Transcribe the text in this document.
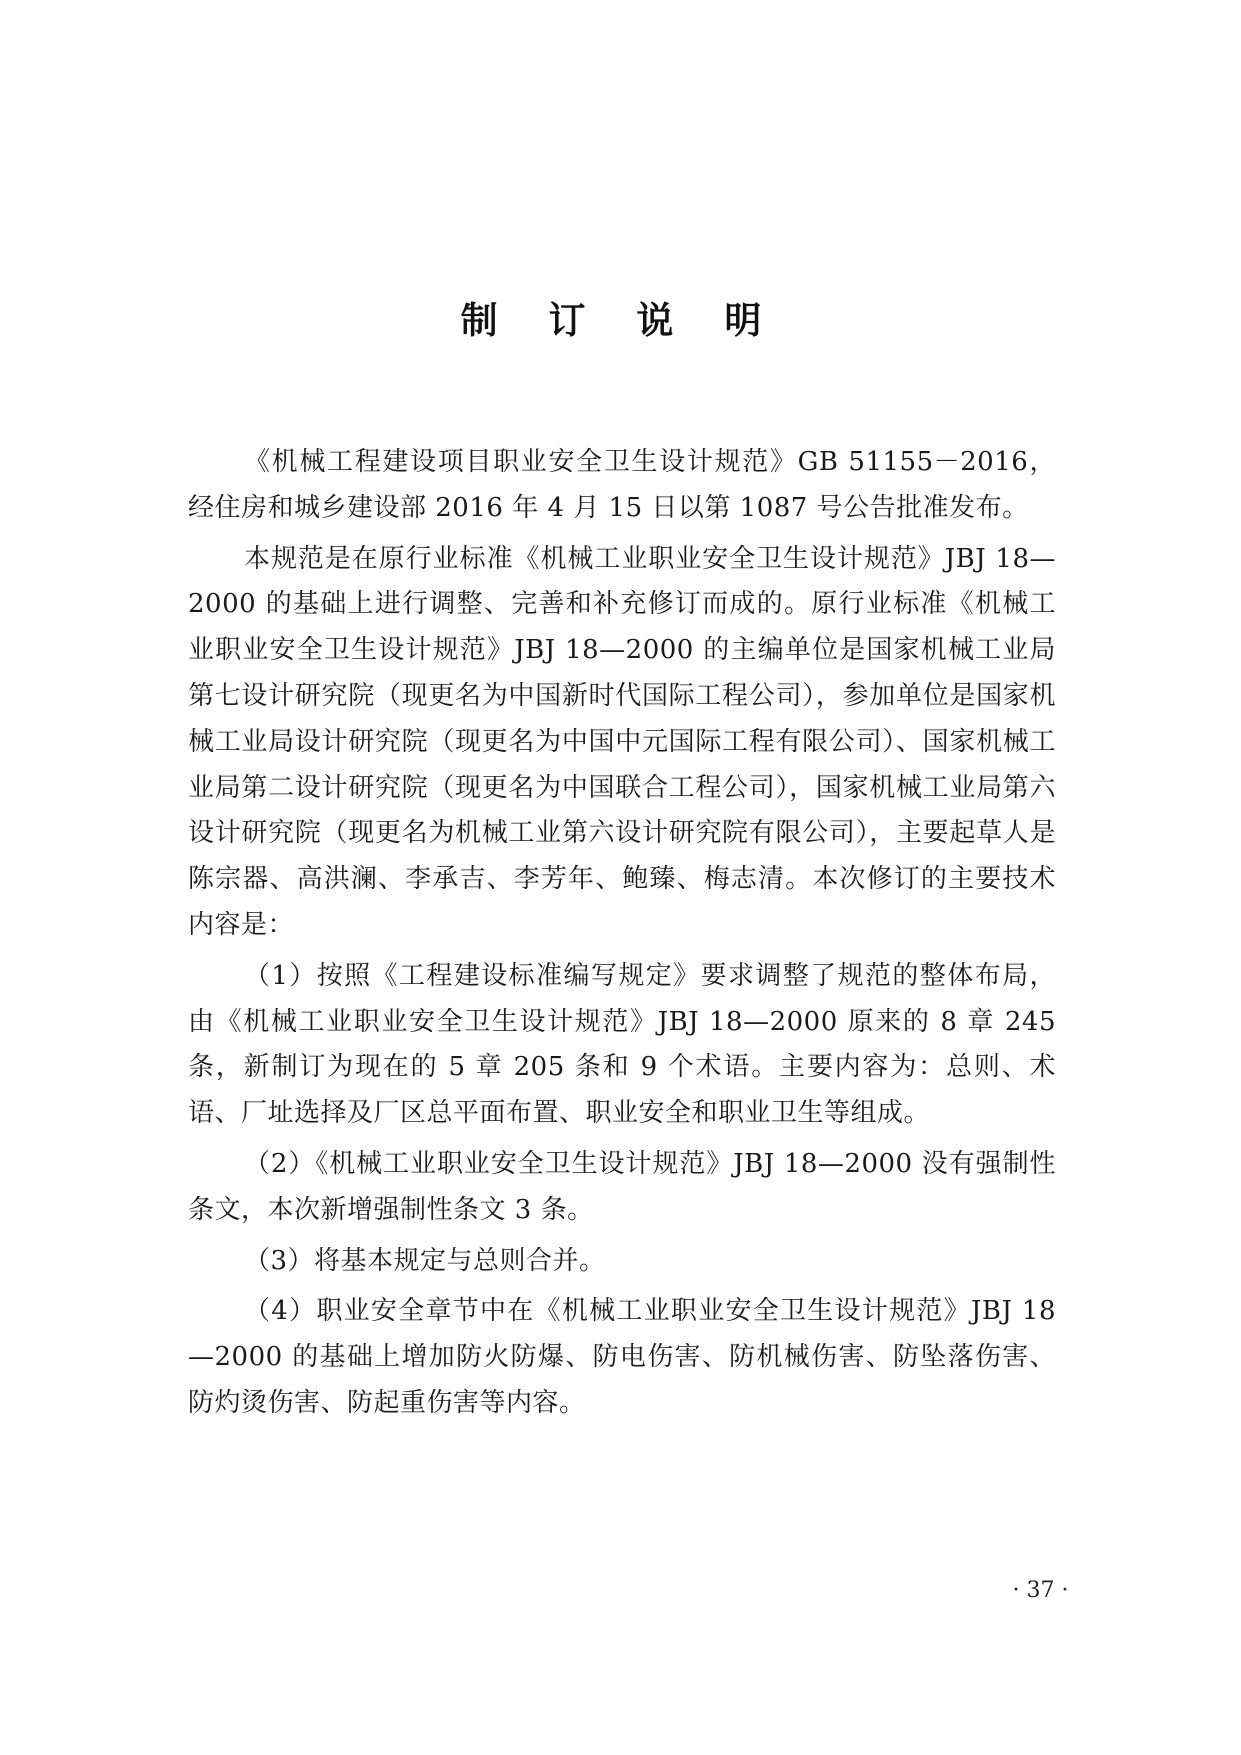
制 订 说 明

《机械工程建设项目职业安全卫生设计规范》GB 51155－2016，经住房和城乡建设部 2016 年 4 月 15 日以第 1087 号公告批准发布。

本规范是在原行业标准《机械工业职业安全卫生设计规范》JBJ 18—2000 的基础上进行调整、完善和补充修订而成的。原行业标准《机械工业职业安全卫生设计规范》JBJ 18—2000 的主编单位是国家机械工业局第七设计研究院（现更名为中国新时代国际工程公司），参加单位是国家机械工业局设计研究院（现更名为中国中元国际工程有限公司）、国家机械工业局第二设计研究院（现更名为中国联合工程公司），国家机械工业局第六设计研究院（现更名为机械工业第六设计研究院有限公司），主要起草人是陈宗器、高洪澜、李承吉、李芳年、鲍臻、梅志清。本次修订的主要技术内容是：

（1）按照《工程建设标准编写规定》要求调整了规范的整体布局，由《机械工业职业安全卫生设计规范》JBJ 18—2000 原来的 8 章 245 条，新制订为现在的 5 章 205 条和 9 个术语。主要内容为：总则、术语、厂址选择及厂区总平面布置、职业安全和职业卫生等组成。

（2）《机械工业职业安全卫生设计规范》JBJ 18—2000 没有强制性条文，本次新增强制性条文 3 条。

（3）将基本规定与总则合并。

（4）职业安全章节中在《机械工业职业安全卫生设计规范》JBJ 18—2000 的基础上增加防火防爆、防电伤害、防机械伤害、防坠落伤害、防灼烫伤害、防起重伤害等内容。

· 37 ·
